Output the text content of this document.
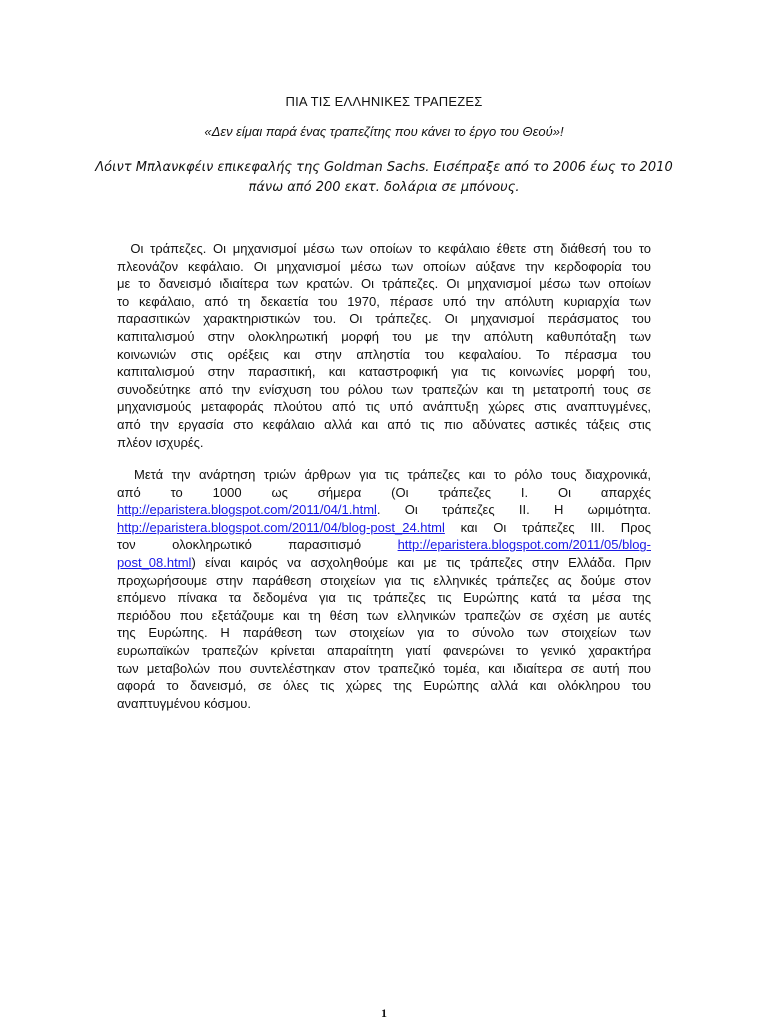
ΠΙΑ ΤΙΣ ΕΛΛΗΝΙΚΕΣ ΤΡΑΠΕΖΕΣ
«Δεν είμαι παρά ένας τραπεζίτης που κάνει το έργο του Θεού»!
Λόιντ Μπλανκφέιν επικεφαλής της Goldman Sachs. Εισέπραξε από το 2006 έως το 2010
πάνω από 200 εκατ. δολάρια σε μπόνους.
Οι τράπεζες. Οι μηχανισμοί μέσω των οποίων το κεφάλαιο έθετε στη διάθεσή του το
πλεονάζον κεφάλαιο. Οι μηχανισμοί μέσω των οποίων αύξανε την κερδοφορία του
με το δανεισμό ιδιαίτερα των κρατών. Οι τράπεζες. Οι μηχανισμοί μέσω των οποίων
το κεφάλαιο, από τη δεκαετία του 1970, πέρασε υπό την απόλυτη κυριαρχία των
παρασιτικών χαρακτηριστικών του. Οι τράπεζες. Οι μηχανισμοί περάσματος του
καπιταλισμού στην ολοκληρωτική μορφή του με την απόλυτη καθυπόταξη των
κοινωνιών στις ορέξεις και στην απληστία του κεφαλαίου. Το πέρασμα του
καπιταλισμού στην παρασιτική, και καταστροφική για τις κοινωνίες μορφή του,
συνοδεύτηκε από την ενίσχυση του ρόλου των τραπεζών και τη μετατροπή τους σε
μηχανισμούς μεταφοράς πλούτου από τις υπό ανάπτυξη χώρες στις αναπτυγμένες,
από την εργασία στο κεφάλαιο αλλά και από τις πιο αδύνατες αστικές τάξεις στις
πλέον ισχυρές.
Μετά την ανάρτηση τριών άρθρων για τις τράπεζες και το ρόλο τους διαχρονικά,
από το 1000 ως σήμερα (Οι τράπεζες Ι. Οι απαρχές
http://eparistera.blogspot.com/2011/04/1.html. Οι τράπεζες ΙΙ. Η ωριμότητα.
http://eparistera.blogspot.com/2011/04/blog-post_24.html και Οι τράπεζες ΙΙΙ. Προς
τον ολοκληρωτικό παρασιτισμό http://eparistera.blogspot.com/2011/05/blog-
post_08.html) είναι καιρός να ασχοληθούμε και με τις τράπεζες στην Ελλάδα. Πριν
προχωρήσουμε στην παράθεση στοιχείων για τις ελληνικές τράπεζες ας δούμε στον
επόμενο πίνακα τα δεδομένα για τις τράπεζες τις Ευρώπης κατά τα μέσα της
περιόδου που εξετάζουμε και τη θέση των ελληνικών τραπεζών σε σχέση με αυτές
της Ευρώπης. Η παράθεση των στοιχείων για το σύνολο των στοιχείων των
ευρωπαϊκών τραπεζών κρίνεται απαραίτητη γιατί φανερώνει το γενικό χαρακτήρα
των μεταβολών που συντελέστηκαν στον τραπεζικό τομέα, και ιδιαίτερα σε αυτή που
αφορά το δανεισμό, σε όλες τις χώρες της Ευρώπης αλλά και ολόκληρου του
αναπτυγμένου κόσμου.
1
